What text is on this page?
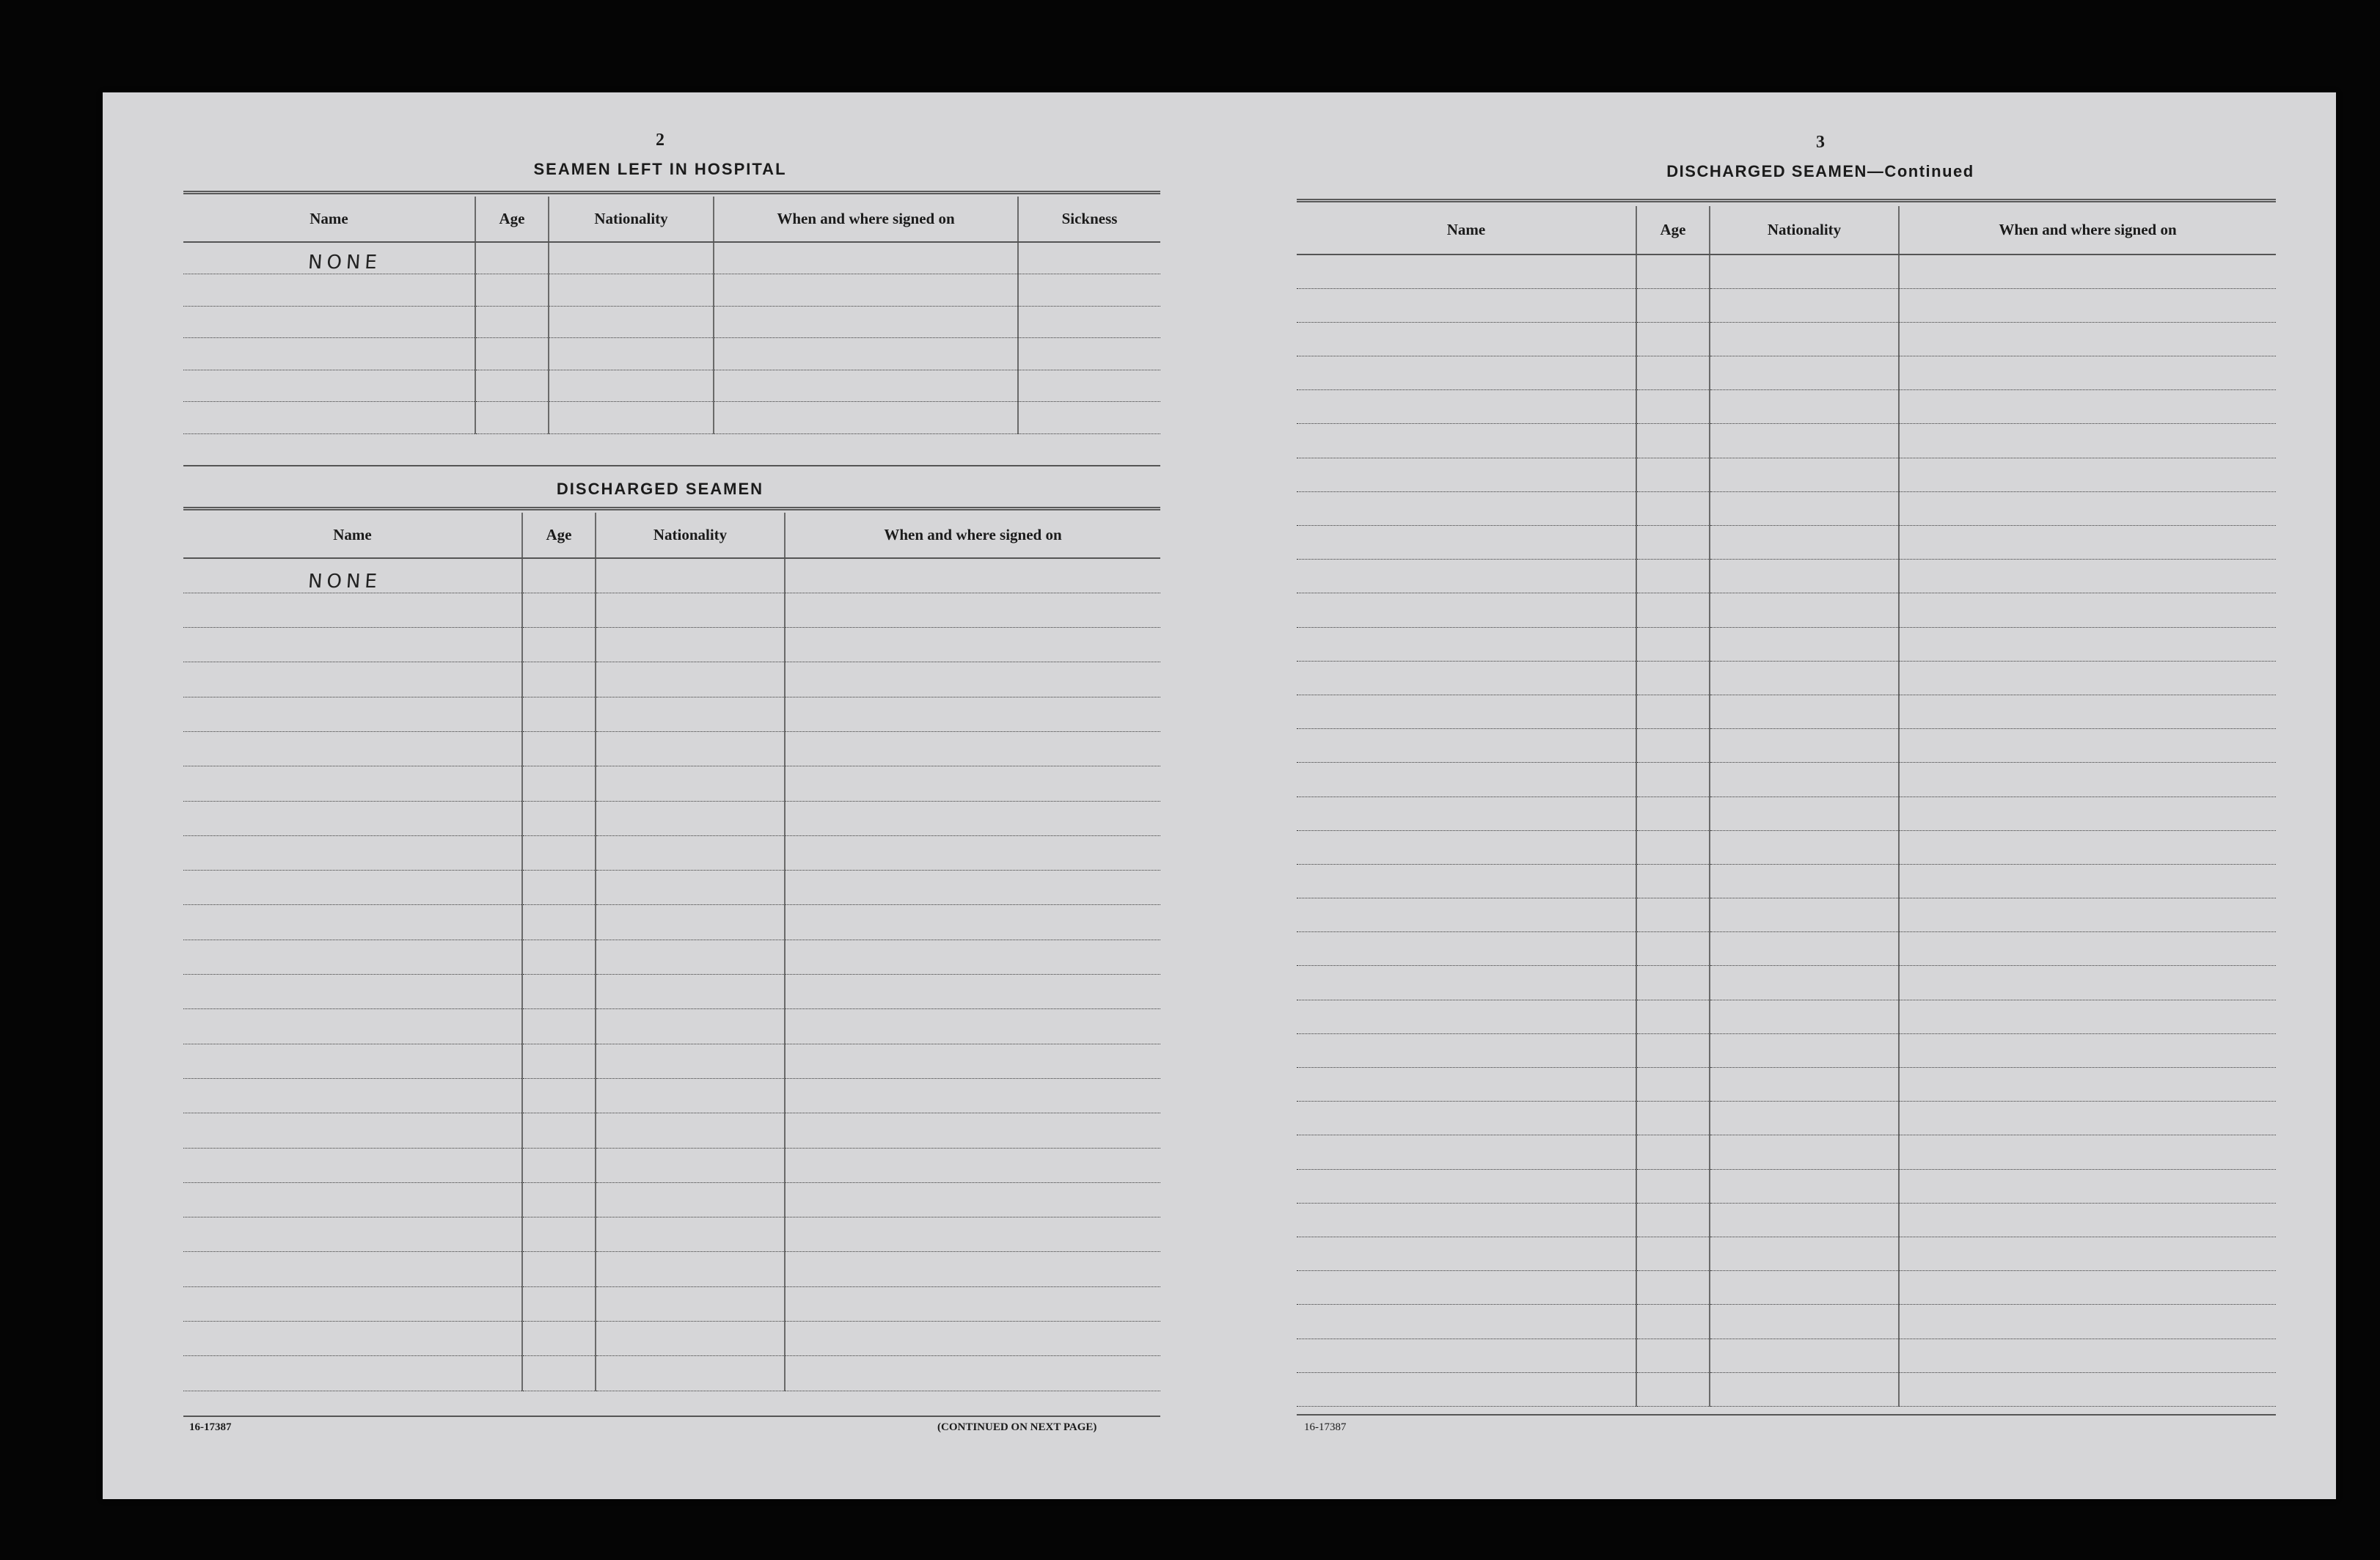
2
SEAMEN LEFT IN HOSPITAL
Name	Age	Nationality	When and where signed on	Sickness
NONE				

DISCHARGED SEAMEN
Name	Age	Nationality	When and where signed on
NONE			

16-17387	(CONTINUED ON NEXT PAGE)
3
DISCHARGED SEAMEN—Continued
Name	Age	Nationality	When and where signed on

16-17387
